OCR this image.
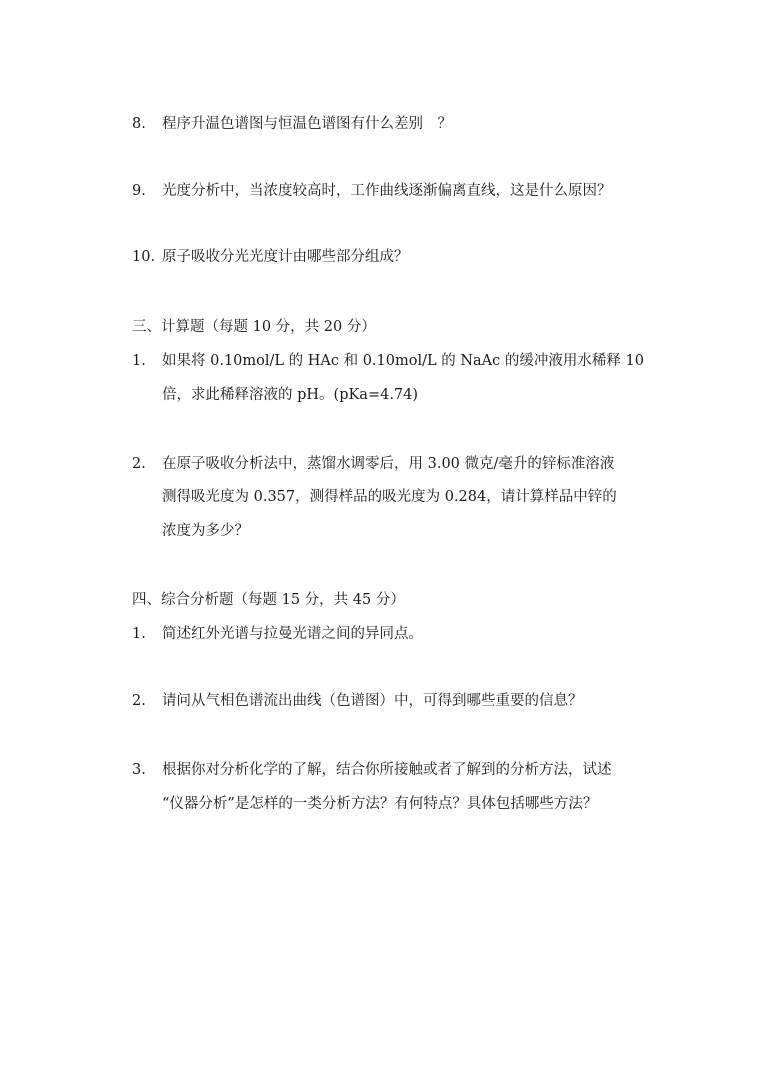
8. 程序升温色谱图与恒温色谱图有什么差别　？
9. 光度分析中，当浓度较高时，工作曲线逐渐偏离直线，这是什么原因？
10. 原子吸收分光光度计由哪些部分组成？
三、计算题（每题 10 分，共 20 分）
1. 如果将 0.10mol/L 的 HAc 和 0.10mol/L 的 NaAc 的缓冲液用水稀释 10
倍，求此稀释溶液的 pH。(pKa=4.74)
2. 在原子吸收分析法中，蒸馏水调零后，用 3.00 微克/毫升的锌标准溶液
测得吸光度为 0.357，测得样品的吸光度为 0.284，请计算样品中锌的
浓度为多少？
四、综合分析题（每题 15 分，共 45 分）
1. 简述红外光谱与拉曼光谱之间的异同点。
2. 请问从气相色谱流出曲线（色谱图）中，可得到哪些重要的信息？
3. 根据你对分析化学的了解，结合你所接触或者了解到的分析方法，试述
“仪器分析”是怎样的一类分析方法？有何特点？具体包括哪些方法？
